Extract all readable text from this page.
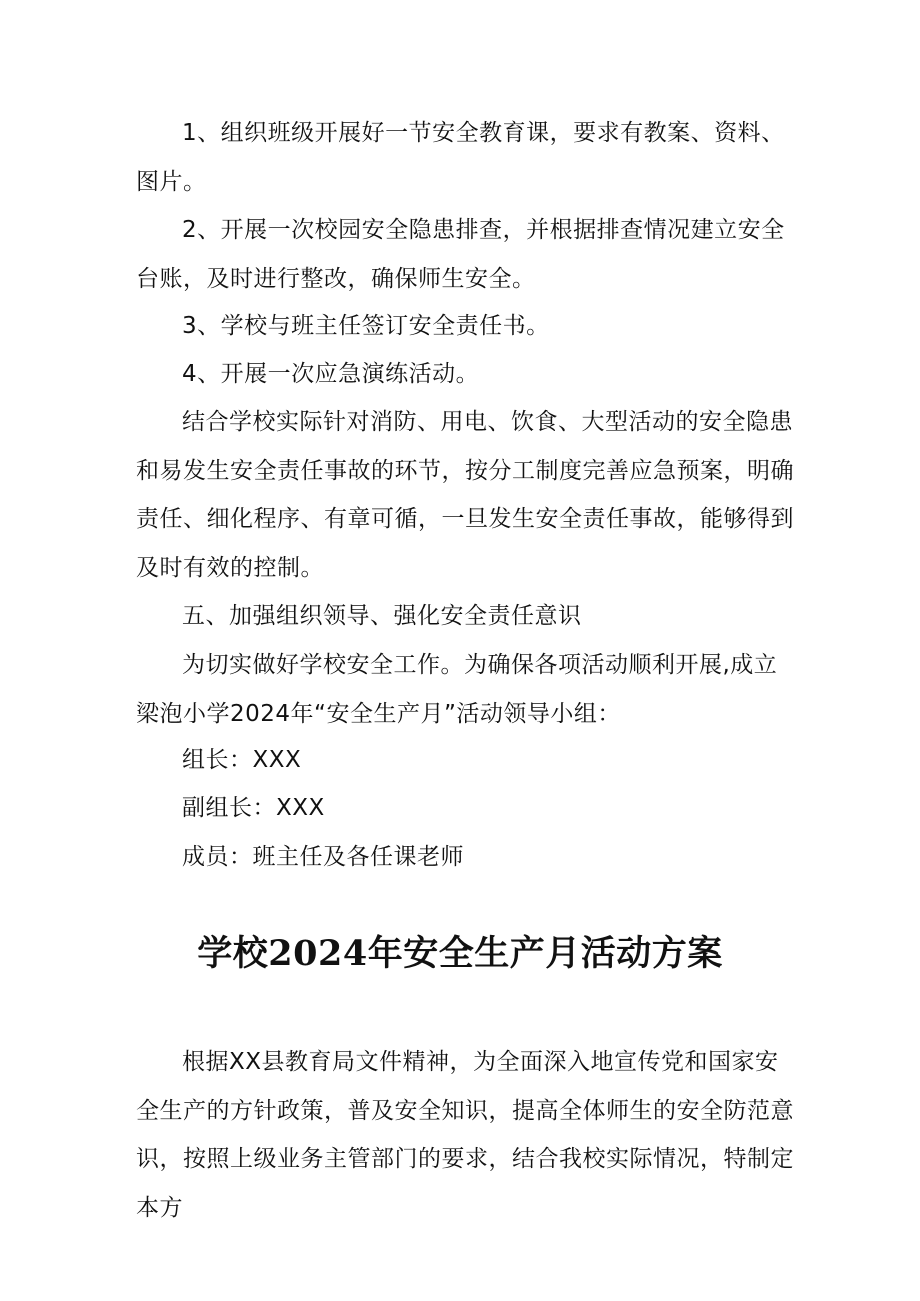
1、组织班级开展好一节安全教育课，要求有教案、资料、图片。

2、开展一次校园安全隐患排查，并根据排查情况建立安全台账，及时进行整改，确保师生安全。

3、学校与班主任签订安全责任书。

4、开展一次应急演练活动。

结合学校实际针对消防、用电、饮食、大型活动的安全隐患和易发生安全责任事故的环节，按分工制度完善应急预案，明确责任、细化程序、有章可循，一旦发生安全责任事故，能够得到及时有效的控制。

五、加强组织领导、强化安全责任意识

为切实做好学校安全工作。为确保各项活动顺利开展,成立梁泡小学2024年“安全生产月”活动领导小组：

组长：XXX

副组长：XXX

成员：班主任及各任课老师

学校2024年安全生产月活动方案

根据XX县教育局文件精神，为全面深入地宣传党和国家安全生产的方针政策，普及安全知识，提高全体师生的安全防范意识，按照上级业务主管部门的要求，结合我校实际情况，特制定本方
